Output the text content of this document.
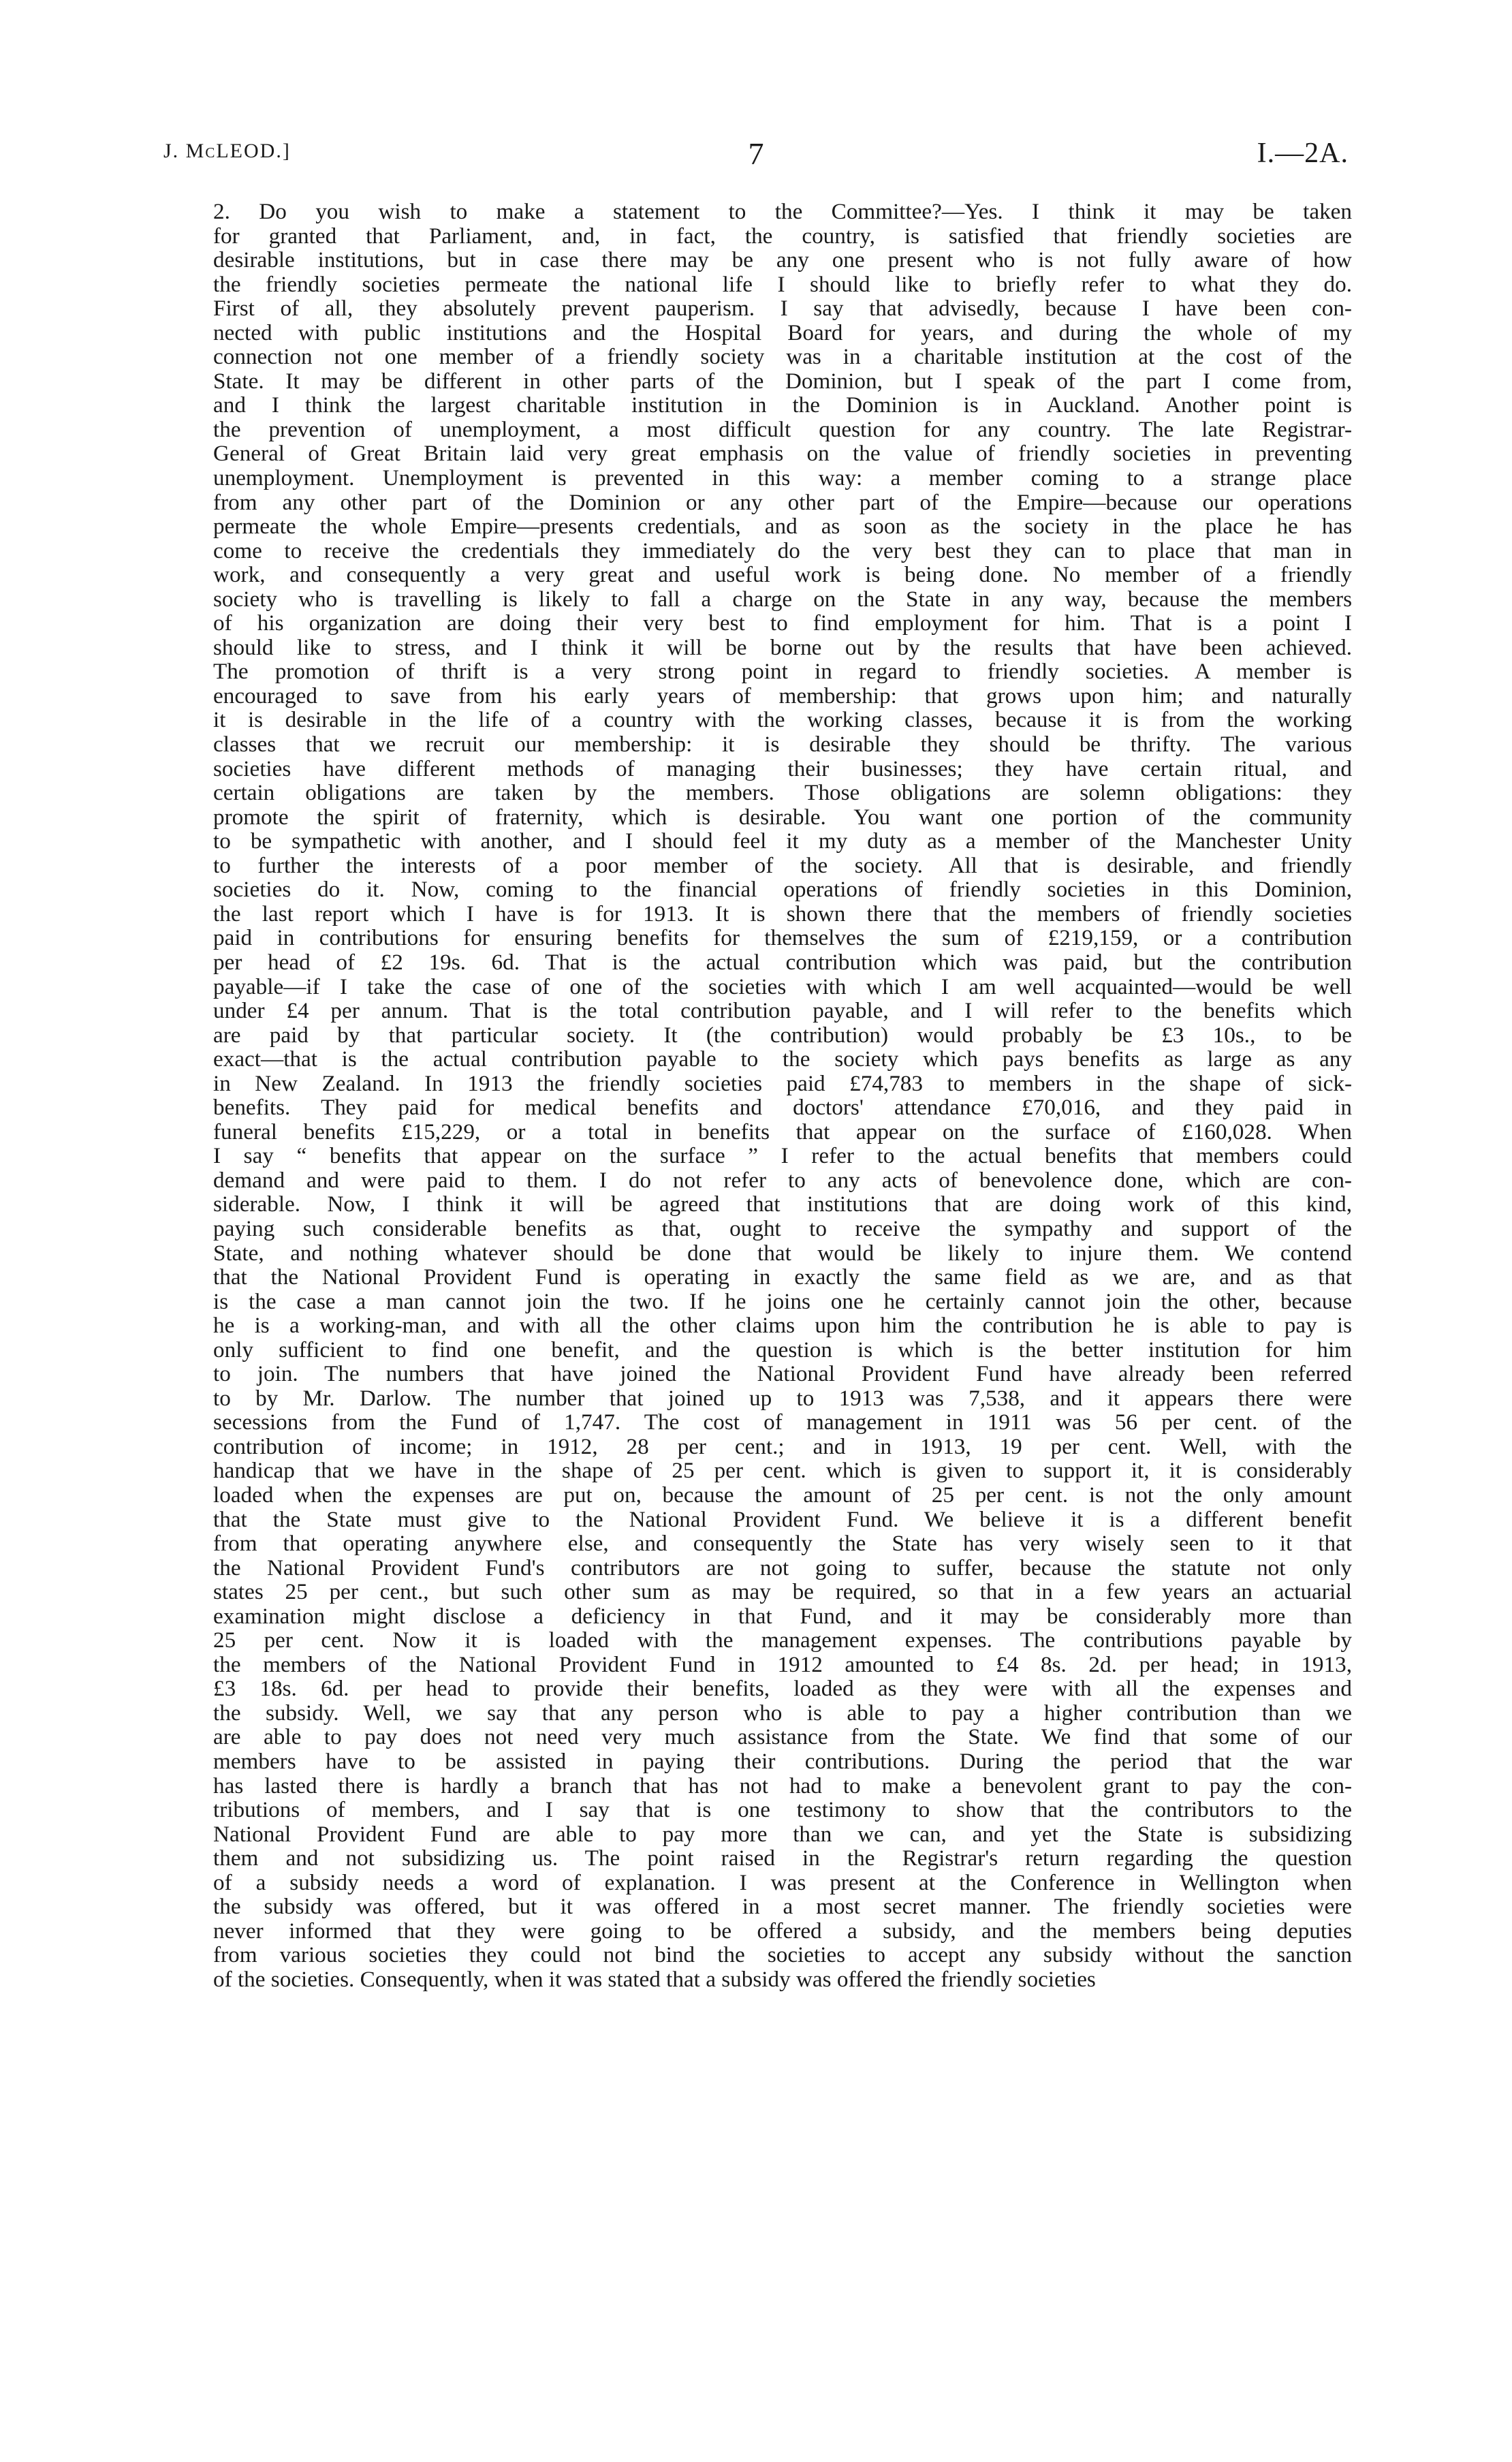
J. McLEOD.]	7	I.—2A.

2. Do you wish to make a statement to the Committee?—Yes. I think it may be taken
for granted that Parliament, and, in fact, the country, is satisfied that friendly societies are
desirable institutions, but in case there may be any one present who is not fully aware of how
the friendly societies permeate the national life I should like to briefly refer to what they do.
First of all, they absolutely prevent pauperism. I say that advisedly, because I have been con-
nected with public institutions and the Hospital Board for years, and during the whole of my
connection not one member of a friendly society was in a charitable institution at the cost of the
State. It may be different in other parts of the Dominion, but I speak of the part I come from,
and I think the largest charitable institution in the Dominion is in Auckland. Another point is
the prevention of unemployment, a most difficult question for any country. The late Registrar-
General of Great Britain laid very great emphasis on the value of friendly societies in preventing
unemployment. Unemployment is prevented in this way: a member coming to a strange place
from any other part of the Dominion or any other part of the Empire—because our operations
permeate the whole Empire—presents credentials, and as soon as the society in the place he has
come to receive the credentials they immediately do the very best they can to place that man in
work, and consequently a very great and useful work is being done. No member of a friendly
society who is travelling is likely to fall a charge on the State in any way, because the members
of his organization are doing their very best to find employment for him. That is a point I
should like to stress, and I think it will be borne out by the results that have been achieved.
The promotion of thrift is a very strong point in regard to friendly societies. A member is
encouraged to save from his early years of membership: that grows upon him; and naturally
it is desirable in the life of a country with the working classes, because it is from the working
classes that we recruit our membership: it is desirable they should be thrifty. The various
societies have different methods of managing their businesses; they have certain ritual, and
certain obligations are taken by the members. Those obligations are solemn obligations: they
promote the spirit of fraternity, which is desirable. You want one portion of the community
to be sympathetic with another, and I should feel it my duty as a member of the Manchester Unity
to further the interests of a poor member of the society. All that is desirable, and friendly
societies do it. Now, coming to the financial operations of friendly societies in this Dominion,
the last report which I have is for 1913. It is shown there that the members of friendly societies
paid in contributions for ensuring benefits for themselves the sum of £219,159, or a contribution
per head of £2 19s. 6d. That is the actual contribution which was paid, but the contribution
payable—if I take the case of one of the societies with which I am well acquainted—would be well
under £4 per annum. That is the total contribution payable, and I will refer to the benefits which
are paid by that particular society. It (the contribution) would probably be £3 10s., to be
exact—that is the actual contribution payable to the society which pays benefits as large as any
in New Zealand. In 1913 the friendly societies paid £74,783 to members in the shape of sick-
benefits. They paid for medical benefits and doctors' attendance £70,016, and they paid in
funeral benefits £15,229, or a total in benefits that appear on the surface of £160,028. When
I say “ benefits that appear on the surface ” I refer to the actual benefits that members could
demand and were paid to them. I do not refer to any acts of benevolence done, which are con-
siderable. Now, I think it will be agreed that institutions that are doing work of this kind,
paying such considerable benefits as that, ought to receive the sympathy and support of the
State, and nothing whatever should be done that would be likely to injure them. We contend
that the National Provident Fund is operating in exactly the same field as we are, and as that
is the case a man cannot join the two. If he joins one he certainly cannot join the other, because
he is a working-man, and with all the other claims upon him the contribution he is able to pay is
only sufficient to find one benefit, and the question is which is the better institution for him
to join. The numbers that have joined the National Provident Fund have already been referred
to by Mr. Darlow. The number that joined up to 1913 was 7,538, and it appears there were
secessions from the Fund of 1,747. The cost of management in 1911 was 56 per cent. of the
contribution of income; in 1912, 28 per cent.; and in 1913, 19 per cent. Well, with the
handicap that we have in the shape of 25 per cent. which is given to support it, it is considerably
loaded when the expenses are put on, because the amount of 25 per cent. is not the only amount
that the State must give to the National Provident Fund. We believe it is a different benefit
from that operating anywhere else, and consequently the State has very wisely seen to it that
the National Provident Fund's contributors are not going to suffer, because the statute not only
states 25 per cent., but such other sum as may be required, so that in a few years an actuarial
examination might disclose a deficiency in that Fund, and it may be considerably more than
25 per cent. Now it is loaded with the management expenses. The contributions payable by
the members of the National Provident Fund in 1912 amounted to £4 8s. 2d. per head; in 1913,
£3 18s. 6d. per head to provide their benefits, loaded as they were with all the expenses and
the subsidy. Well, we say that any person who is able to pay a higher contribution than we
are able to pay does not need very much assistance from the State. We find that some of our
members have to be assisted in paying their contributions. During the period that the war
has lasted there is hardly a branch that has not had to make a benevolent grant to pay the con-
tributions of members, and I say that is one testimony to show that the contributors to the
National Provident Fund are able to pay more than we can, and yet the State is subsidizing
them and not subsidizing us. The point raised in the Registrar's return regarding the question
of a subsidy needs a word of explanation. I was present at the Conference in Wellington when
the subsidy was offered, but it was offered in a most secret manner. The friendly societies were
never informed that they were going to be offered a subsidy, and the members being deputies
from various societies they could not bind the societies to accept any subsidy without the sanction
of the societies. Consequently, when it was stated that a subsidy was offered the friendly societies
